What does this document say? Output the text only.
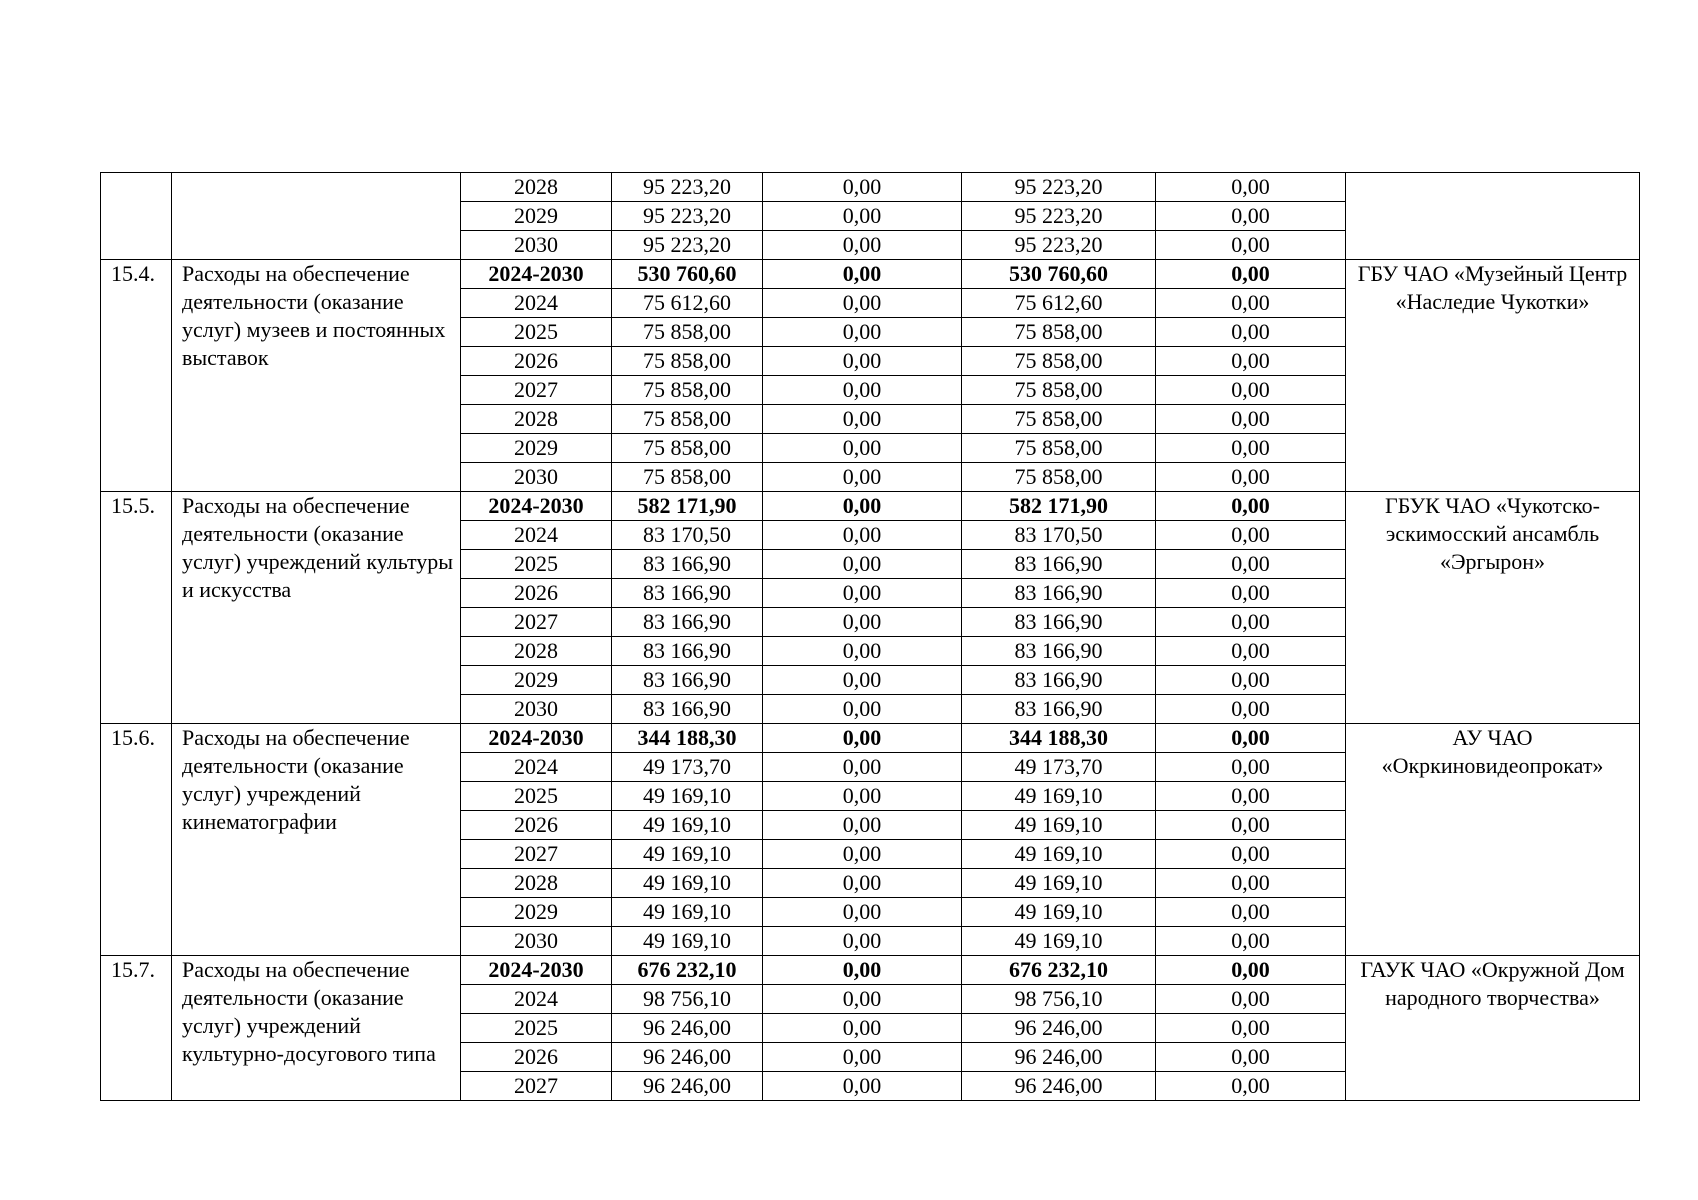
		2028	95 223,20	0,00	95 223,20	0,00	
		2029	95 223,20	0,00	95 223,20	0,00	
		2030	95 223,20	0,00	95 223,20	0,00	
15.4.	Расходы на обеспечение деятельности (оказание услуг) музеев и постоянных выставок	2024-2030	530 760,60	0,00	530 760,60	0,00	ГБУ ЧАО «Музейный Центр «Наследие Чукотки»
		2024	75 612,60	0,00	75 612,60	0,00	
		2025	75 858,00	0,00	75 858,00	0,00	
		2026	75 858,00	0,00	75 858,00	0,00	
		2027	75 858,00	0,00	75 858,00	0,00	
		2028	75 858,00	0,00	75 858,00	0,00	
		2029	75 858,00	0,00	75 858,00	0,00	
		2030	75 858,00	0,00	75 858,00	0,00	
15.5.	Расходы на обеспечение деятельности (оказание услуг) учреждений культуры и искусства	2024-2030	582 171,90	0,00	582 171,90	0,00	ГБУК ЧАО «Чукотско-эскимосский ансамбль «Эргырон»
		2024	83 170,50	0,00	83 170,50	0,00	
		2025	83 166,90	0,00	83 166,90	0,00	
		2026	83 166,90	0,00	83 166,90	0,00	
		2027	83 166,90	0,00	83 166,90	0,00	
		2028	83 166,90	0,00	83 166,90	0,00	
		2029	83 166,90	0,00	83 166,90	0,00	
		2030	83 166,90	0,00	83 166,90	0,00	
15.6.	Расходы на обеспечение деятельности (оказание услуг) учреждений кинематографии	2024-2030	344 188,30	0,00	344 188,30	0,00	АУ ЧАО «Окркиновидеопрокат»
		2024	49 173,70	0,00	49 173,70	0,00	
		2025	49 169,10	0,00	49 169,10	0,00	
		2026	49 169,10	0,00	49 169,10	0,00	
		2027	49 169,10	0,00	49 169,10	0,00	
		2028	49 169,10	0,00	49 169,10	0,00	
		2029	49 169,10	0,00	49 169,10	0,00	
		2030	49 169,10	0,00	49 169,10	0,00	
15.7.	Расходы на обеспечение деятельности (оказание услуг) учреждений культурно-досугового типа	2024-2030	676 232,10	0,00	676 232,10	0,00	ГАУК ЧАО «Окружной Дом народного творчества»
		2024	98 756,10	0,00	98 756,10	0,00	
		2025	96 246,00	0,00	96 246,00	0,00	
		2026	96 246,00	0,00	96 246,00	0,00	
		2027	96 246,00	0,00	96 246,00	0,00	
